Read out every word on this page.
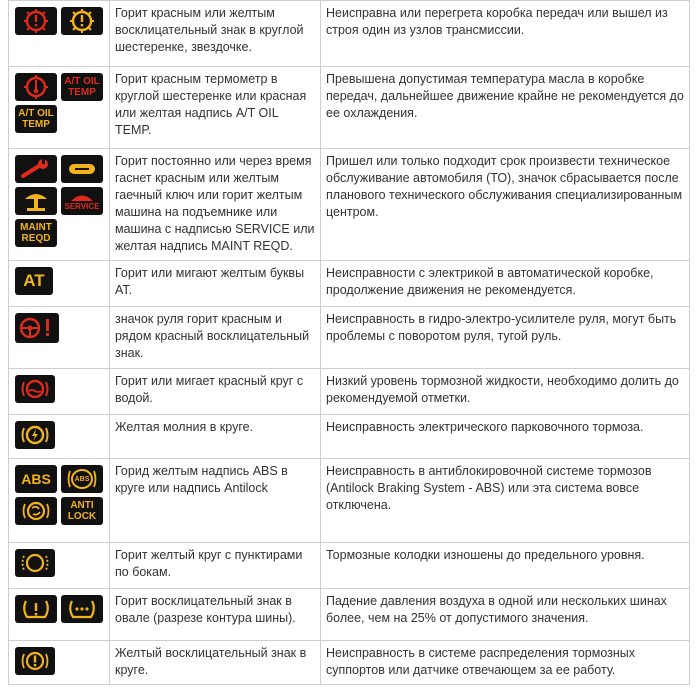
	Горит красным или желтым восклицательный знак в круглой шестеренке, звездочке.	Неисправна или перегрета коробка передач или вышел из строя один из узлов трансмиссии.

A/T OIL TEMP
A/T OIL TEMP	Горит красным термометр в круглой шестеренке или красная или желтая надпись A/T OIL TEMP.	Превышена допустимая температура масла в коробке передач, дальнейшее движение крайне не рекомендуется до ее охлаждения.

SERVICE
MAINT REQD	Горит постоянно или через время гаснет красным или желтым гаечный ключ или горит желтым машина на подъемнике или машина с надписью SERVICE или желтая надпись MAINT REQD.	Пришел или только подходит срок произвести техническое обслуживание автомобиля (ТО), значок сбрасывается после планового технического обслуживания специализированным центром.

AT	Горит или мигают желтым буквы AT.	Неисправности с электрикой в автоматической коробке, продолжение движения не рекомендуется.

	значок руля горит красным и рядом красный восклицательный знак.	Неисправность в гидро-электро-усилителе руля, могут быть проблемы с поворотом руля, тугой руль.

	Горит или мигает красный круг с водой.	Низкий уровень тормозной жидкости, необходимо долить до рекомендуемой отметки.

	Желтая молния в круге.	Неисправность электрического парковочного тормоза.

ABS ABS
ANTI LOCK	Горид желтым надпись ABS в круге или надпись Antilock	Неисправность в антиблокировочной системе тормозов (Antilock Braking System - ABS) или эта система вовсе отключена.

	Горит желтый круг с пунктирами по бокам.	Тормозные колодки изношены до предельного уровня.

	Горит восклицательный знак в овале (разрезе контура шины).	Падение давления воздуха в одной или нескольких шинах более, чем на 25% от допустимого значения.

	Желтый восклицательный знак в круге.	Неисправность в системе распределения тормозных суппортов или датчике отвечающем за ее работу.
